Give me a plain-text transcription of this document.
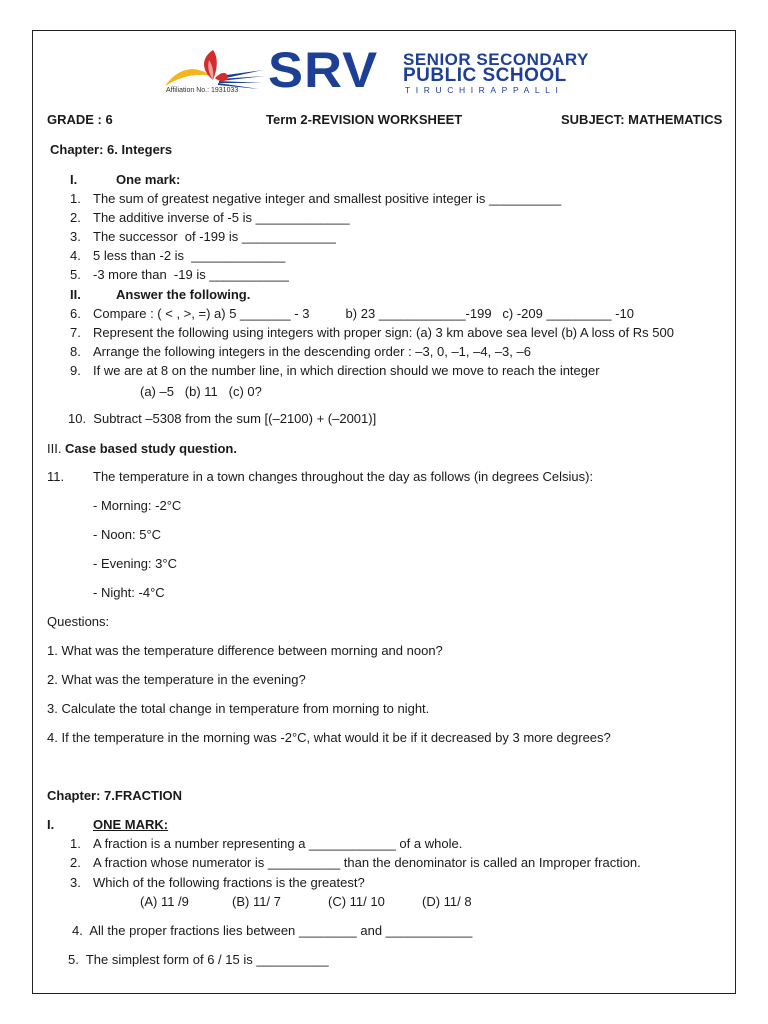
SRV SENIOR SECONDARY
PUBLIC SCHOOL
TIRUCHIRAPPALLI
Affiliation No.: 1931033
GRADE : 6	Term 2-REVISION WORKSHEET	SUBJECT: MATHEMATICS
Chapter: 6. Integers
I.	One mark:
1. The sum of greatest negative integer and smallest positive integer is __________
2. The additive inverse of -5 is _____________
3. The successor  of -199 is _____________
4. 5 less than -2 is  _____________
5. -3 more than  -19 is ___________
II.	Answer the following.
6. Compare : ( < , >, =) a) 5 _______ - 3          b) 23 ____________-199   c) -209 _________ -10
7. Represent the following using integers with proper sign: (a) 3 km above sea level (b) A loss of Rs 500
8. Arrange the following integers in the descending order : –3, 0, –1, –4, –3, –6
9. If we are at 8 on the number line, in which direction should we move to reach the integer
(a) –5   (b) 11   (c) 0?
10.  Subtract –5308 from the sum [(–2100) + (–2001)]
III. Case based study question.
11. The temperature in a town changes throughout the day as follows (in degrees Celsius):
- Morning: -2°C
- Noon: 5°C
- Evening: 3°C
- Night: -4°C
Questions:
1. What was the temperature difference between morning and noon?
2. What was the temperature in the evening?
3. Calculate the total change in temperature from morning to night.
4. If the temperature in the morning was -2°C, what would it be if it decreased by 3 more degrees?
Chapter: 7.FRACTION
I.	ONE MARK:
1. A fraction is a number representing a ____________ of a whole.
2. A fraction whose numerator is __________ than the denominator is called an Improper fraction.
3. Which of the following fractions is the greatest?
(A) 11 /9	(B) 11/ 7	(C) 11/ 10	(D) 11/ 8
4.  All the proper fractions lies between ________ and ____________
5.  The simplest form of 6 / 15 is __________
